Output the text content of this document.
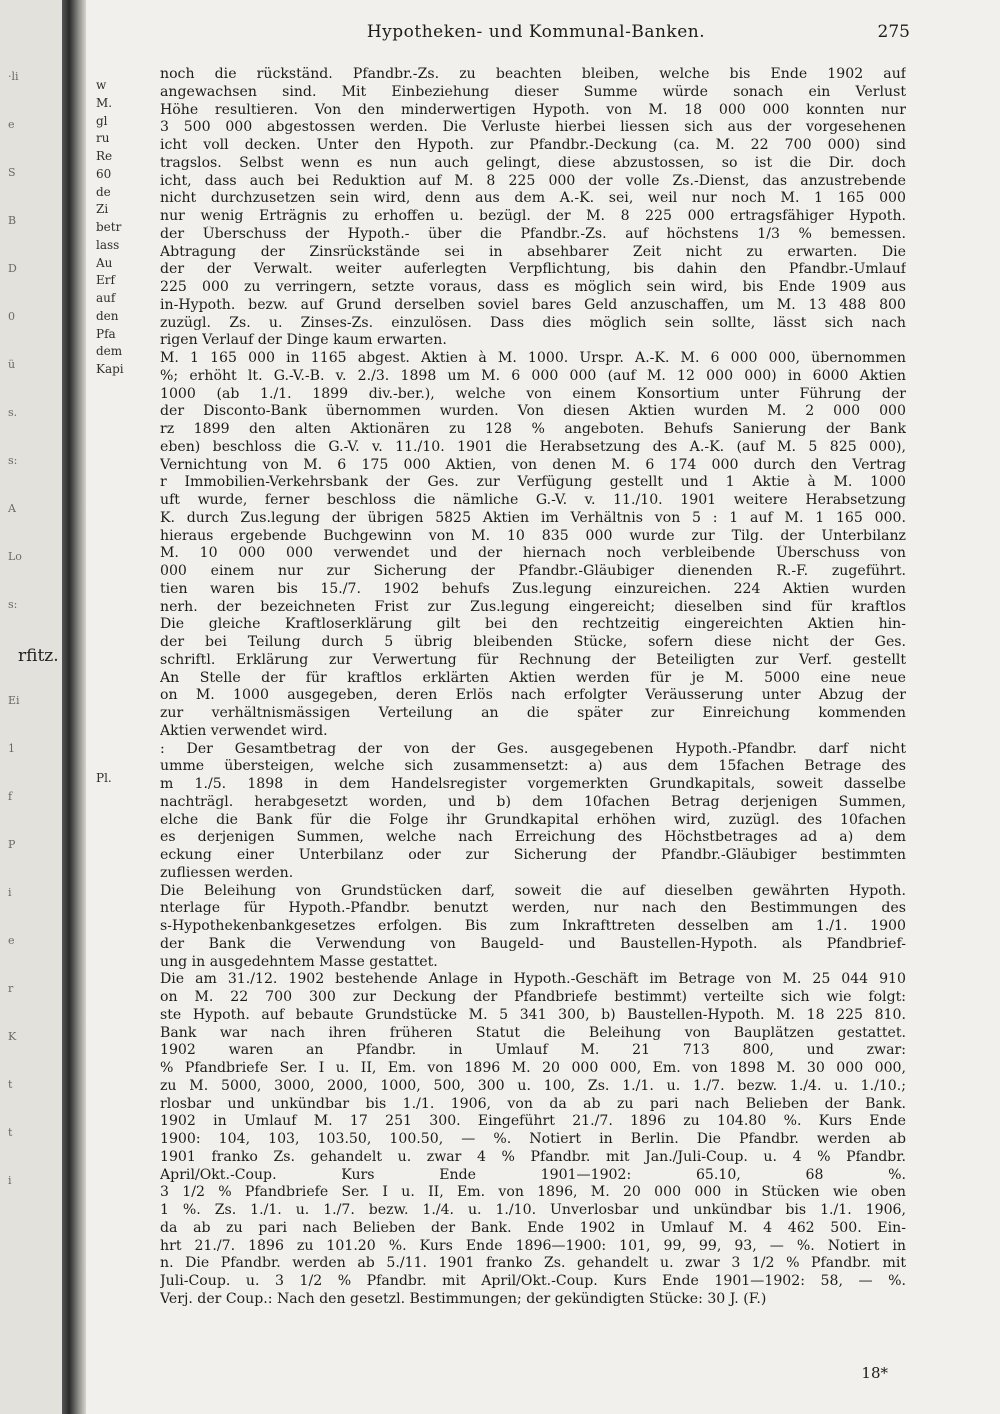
·li
e
S
B
D
0
ü
s.
s:
A
Lo
s:
rfitz.
Ei
1
f
P
i
e
r
K
t
t
i
Hypotheken- und Kommunal-Banken.	275
w
M.
gl
ru
Re
60
de
Zi
betr
lass
Au
Erf
auf
den
Pfa
dem
Kapi
Pl.
noch die rückständ. Pfandbr.-Zs. zu beachten bleiben, welche bis Ende 1902 auf
angewachsen sind. Mit Einbeziehung dieser Summe würde sonach ein Verlust
Höhe resultieren. Von den minderwertigen Hypoth. von M. 18 000 000 konnten nur
3 500 000 abgestossen werden. Die Verluste hierbei liessen sich aus der vorgesehenen
icht voll decken. Unter den Hypoth. zur Pfandbr.-Deckung (ca. M. 22 700 000) sind
tragslos. Selbst wenn es nun auch gelingt, diese abzustossen, so ist die Dir. doch
icht, dass auch bei Reduktion auf M. 8 225 000 der volle Zs.-Dienst, das anzustrebende
nicht durchzusetzen sein wird, denn aus dem A.-K. sei, weil nur noch M. 1 165 000
nur wenig Erträgnis zu erhoffen u. bezügl. der M. 8 225 000 ertragsfähiger Hypoth.
der Überschuss der Hypoth.- über die Pfandbr.-Zs. auf höchstens 1/3 % bemessen.
Abtragung der Zinsrückstände sei in absehbarer Zeit nicht zu erwarten. Die
der der Verwalt. weiter auferlegten Verpflichtung, bis dahin den Pfandbr.-Umlauf
225 000 zu verringern, setzte voraus, dass es möglich sein wird, bis Ende 1909 aus
in-Hypoth. bezw. auf Grund derselben soviel bares Geld anzuschaffen, um M. 13 488 800
zuzügl. Zs. u. Zinses-Zs. einzulösen. Dass dies möglich sein sollte, lässt sich nach
rigen Verlauf der Dinge kaum erwarten.
M. 1 165 000 in 1165 abgest. Aktien à M. 1000. Urspr. A.-K. M. 6 000 000, übernommen
%; erhöht lt. G.-V.-B. v. 2./3. 1898 um M. 6 000 000 (auf M. 12 000 000) in 6000 Aktien
1000 (ab 1./1. 1899 div.-ber.), welche von einem Konsortium unter Führung der
der Disconto-Bank übernommen wurden. Von diesen Aktien wurden M. 2 000 000
rz 1899 den alten Aktionären zu 128 % angeboten. Behufs Sanierung der Bank
eben) beschloss die G.-V. v. 11./10. 1901 die Herabsetzung des A.-K. (auf M. 5 825 000),
Vernichtung von M. 6 175 000 Aktien, von denen M. 6 174 000 durch den Vertrag
r Immobilien-Verkehrsbank der Ges. zur Verfügung gestellt und 1 Aktie à M. 1000
uft wurde, ferner beschloss die nämliche G.-V. v. 11./10. 1901 weitere Herabsetzung
K. durch Zus.legung der übrigen 5825 Aktien im Verhältnis von 5 : 1 auf M. 1 165 000.
hieraus ergebende Buchgewinn von M. 10 835 000 wurde zur Tilg. der Unterbilanz
M. 10 000 000 verwendet und der hiernach noch verbleibende Überschuss von
000 einem nur zur Sicherung der Pfandbr.-Gläubiger dienenden R.-F. zugeführt.
tien waren bis 15./7. 1902 behufs Zus.legung einzureichen. 224 Aktien wurden
nerh. der bezeichneten Frist zur Zus.legung eingereicht; dieselben sind für kraftlos
Die gleiche Kraftloserklärung gilt bei den rechtzeitig eingereichten Aktien hin-
der bei Teilung durch 5 übrig bleibenden Stücke, sofern diese nicht der Ges.
schriftl. Erklärung zur Verwertung für Rechnung der Beteiligten zur Verf. gestellt
An Stelle der für kraftlos erklärten Aktien werden für je M. 5000 eine neue
on M. 1000 ausgegeben, deren Erlös nach erfolgter Veräusserung unter Abzug der
zur verhältnismässigen Verteilung an die später zur Einreichung kommenden
Aktien verwendet wird.
: Der Gesamtbetrag der von der Ges. ausgegebenen Hypoth.-Pfandbr. darf nicht
umme übersteigen, welche sich zusammensetzt: a) aus dem 15fachen Betrage des
m 1./5. 1898 in dem Handelsregister vorgemerkten Grundkapitals, soweit dasselbe
nachträgl. herabgesetzt worden, und b) dem 10fachen Betrag derjenigen Summen,
elche die Bank für die Folge ihr Grundkapital erhöhen wird, zuzügl. des 10fachen
es derjenigen Summen, welche nach Erreichung des Höchstbetrages ad a) dem
eckung einer Unterbilanz oder zur Sicherung der Pfandbr.-Gläubiger bestimmten
zufliessen werden.
Die Beleihung von Grundstücken darf, soweit die auf dieselben gewährten Hypoth.
nterlage für Hypoth.-Pfandbr. benutzt werden, nur nach den Bestimmungen des
s-Hypothekenbankgesetzes erfolgen. Bis zum Inkrafttreten desselben am 1./1. 1900
der Bank die Verwendung von Baugeld- und Baustellen-Hypoth. als Pfandbrief-
ung in ausgedehntem Masse gestattet.
Die am 31./12. 1902 bestehende Anlage in Hypoth.-Geschäft im Betrage von M. 25 044 910
on M. 22 700 300 zur Deckung der Pfandbriefe bestimmt) verteilte sich wie folgt:
ste Hypoth. auf bebaute Grundstücke M. 5 341 300, b) Baustellen-Hypoth. M. 18 225 810.
Bank war nach ihren früheren Statut die Beleihung von Bauplätzen gestattet.
1902 waren an Pfandbr. in Umlauf M. 21 713 800, und zwar:
% Pfandbriefe Ser. I u. II, Em. von 1896 M. 20 000 000, Em. von 1898 M. 30 000 000,
zu M. 5000, 3000, 2000, 1000, 500, 300 u. 100, Zs. 1./1. u. 1./7. bezw. 1./4. u. 1./10.;
rlosbar und unkündbar bis 1./1. 1906, von da ab zu pari nach Belieben der Bank.
1902 in Umlauf M. 17 251 300. Eingeführt 21./7. 1896 zu 104.80 %. Kurs Ende
1900: 104, 103, 103.50, 100.50, — %. Notiert in Berlin. Die Pfandbr. werden ab
1901 franko Zs. gehandelt u. zwar 4 % Pfandbr. mit Jan./Juli-Coup. u. 4 % Pfandbr.
April/Okt.-Coup. Kurs Ende 1901—1902: 65.10, 68 %.
3 1/2 % Pfandbriefe Ser. I u. II, Em. von 1896, M. 20 000 000 in Stücken wie oben
1 %. Zs. 1./1. u. 1./7. bezw. 1./4. u. 1./10. Unverlosbar und unkündbar bis 1./1. 1906,
da ab zu pari nach Belieben der Bank. Ende 1902 in Umlauf M. 4 462 500. Ein-
hrt 21./7. 1896 zu 101.20 %. Kurs Ende 1896—1900: 101, 99, 99, 93, — %. Notiert in
n. Die Pfandbr. werden ab 5./11. 1901 franko Zs. gehandelt u. zwar 3 1/2 % Pfandbr. mit
Juli-Coup. u. 3 1/2 % Pfandbr. mit April/Okt.-Coup. Kurs Ende 1901—1902: 58, — %.
Verj. der Coup.: Nach den gesetzl. Bestimmungen; der gekündigten Stücke: 30 J. (F.)
18*
